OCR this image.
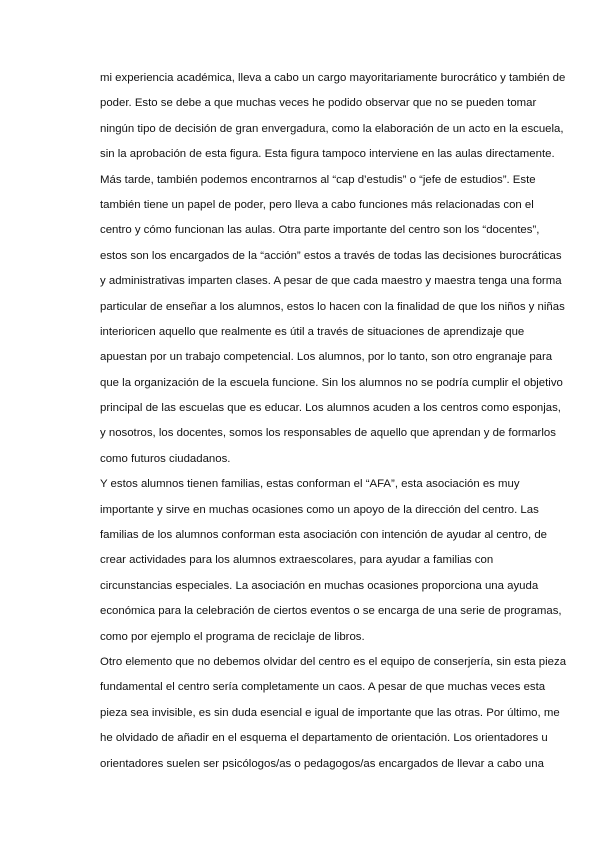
mi experiencia académica, lleva a cabo un cargo mayoritariamente burocrático y también de
poder. Esto se debe a que muchas veces he podido observar que no se pueden tomar
ningún tipo de decisión de gran envergadura, como la elaboración de un acto en la escuela,
sin la aprobación de esta figura. Esta figura tampoco interviene en las aulas directamente.
Más tarde, también podemos encontrarnos al “cap d’estudis” o “jefe de estudios”. Este
también tiene un papel de poder, pero lleva a cabo funciones más relacionadas con el
centro y cómo funcionan las aulas. Otra parte importante del centro son los “docentes”,
estos son los encargados de la “acción” estos a través de todas las decisiones burocráticas
y administrativas imparten clases. A pesar de que cada maestro y maestra tenga una forma
particular de enseñar a los alumnos, estos lo hacen con la finalidad de que los niños y niñas
interioricen aquello que realmente es útil a través de situaciones de aprendizaje que
apuestan por un trabajo competencial. Los alumnos, por lo tanto, son otro engranaje para
que la organización de la escuela funcione. Sin los alumnos no se podría cumplir el objetivo
principal de las escuelas que es educar. Los alumnos acuden a los centros como esponjas,
y nosotros, los docentes, somos los responsables de aquello que aprendan y de formarlos
como futuros ciudadanos.
Y estos alumnos tienen familias, estas conforman el “AFA”, esta asociación es muy
importante y sirve en muchas ocasiones como un apoyo de la dirección del centro. Las
familias de los alumnos conforman esta asociación con intención de ayudar al centro, de
crear actividades para los alumnos extraescolares, para ayudar a familias con
circunstancias especiales. La asociación en muchas ocasiones proporciona una ayuda
económica para la celebración de ciertos eventos o se encarga de una serie de programas,
como por ejemplo el programa de reciclaje de libros.
Otro elemento que no debemos olvidar del centro es el equipo de conserjería, sin esta pieza
fundamental el centro sería completamente un caos. A pesar de que muchas veces esta
pieza sea invisible, es sin duda esencial e igual de importante que las otras. Por último, me
he olvidado de añadir en el esquema el departamento de orientación. Los orientadores u
orientadores suelen ser psicólogos/as o pedagogos/as encargados de llevar a cabo una
